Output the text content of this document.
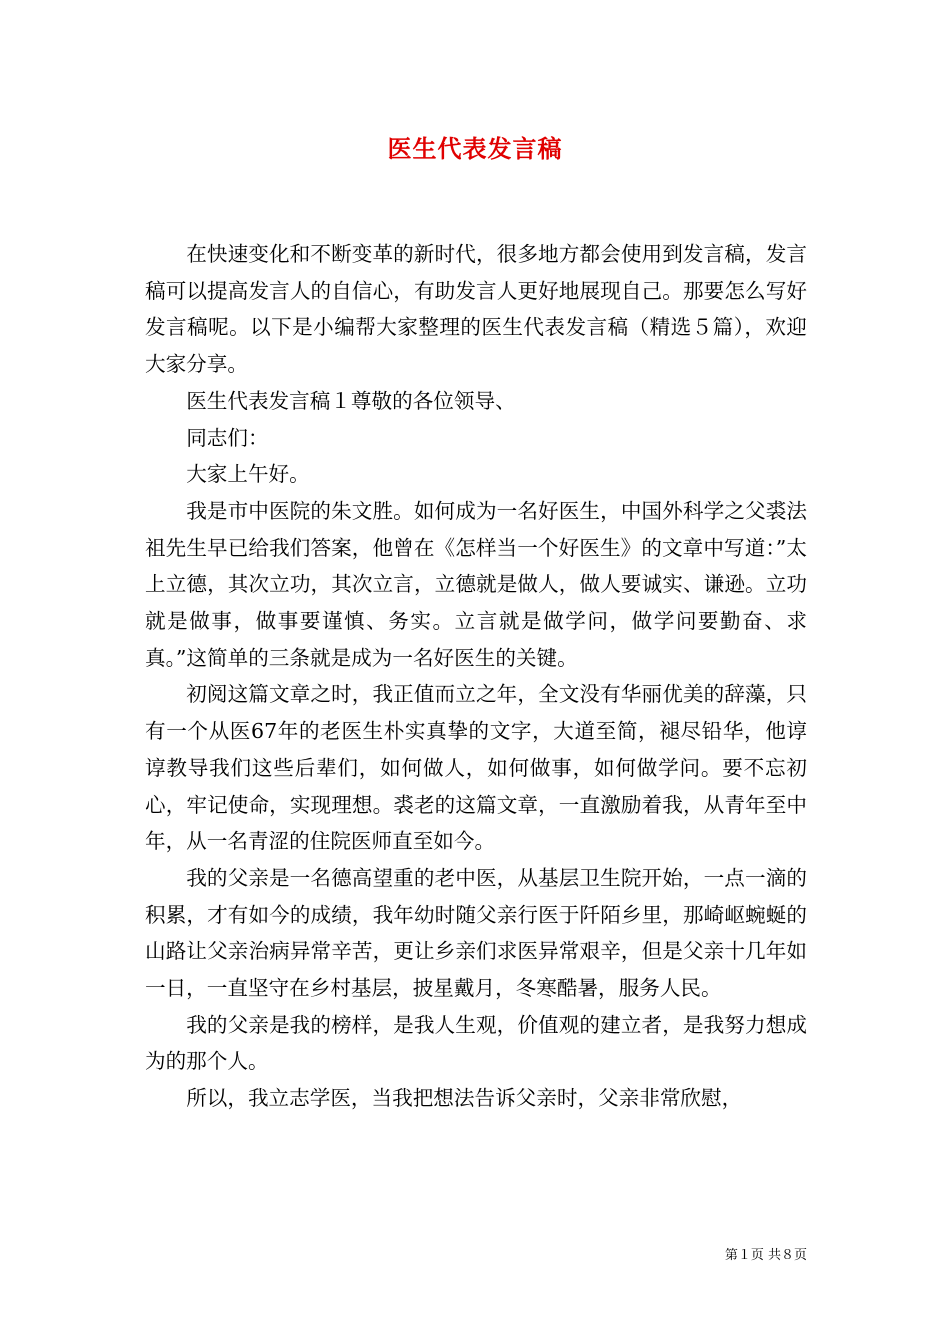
医生代表发言稿

在快速变化和不断变革的新时代，很多地方都会使用到发言稿，发言稿可以提高发言人的自信心，有助发言人更好地展现自己。那要怎么写好发言稿呢。以下是小编帮大家整理的医生代表发言稿（精选５篇），欢迎大家分享。

医生代表发言稿１尊敬的各位领导、

同志们：

大家上午好。

我是市中医院的朱文胜。如何成为一名好医生，中国外科学之父裘法祖先生早已给我们答案，他曾在《怎样当一个好医生》的文章中写道：”太上立德，其次立功，其次立言，立德就是做人，做人要诚实、谦逊。立功就是做事，做事要谨慎、务实。立言就是做学问，做学问要勤奋、求真。”这简单的三条就是成为一名好医生的关键。

初阅这篇文章之时，我正值而立之年，全文没有华丽优美的辞藻，只有一个从医67年的老医生朴实真挚的文字，大道至简，褪尽铅华，他谆谆教导我们这些后辈们，如何做人，如何做事，如何做学问。要不忘初心，牢记使命，实现理想。裘老的这篇文章，一直激励着我，从青年至中年，从一名青涩的住院医师直至如今。

我的父亲是一名德高望重的老中医，从基层卫生院开始，一点一滴的积累，才有如今的成绩，我年幼时随父亲行医于阡陌乡里，那崎岖蜿蜒的山路让父亲治病异常辛苦，更让乡亲们求医异常艰辛，但是父亲十几年如一日，一直坚守在乡村基层，披星戴月，冬寒酷暑，服务人民。

我的父亲是我的榜样，是我人生观，价值观的建立者，是我努力想成为的那个人。

所以，我立志学医，当我把想法告诉父亲时，父亲非常欣慰，

第１页 共８页
